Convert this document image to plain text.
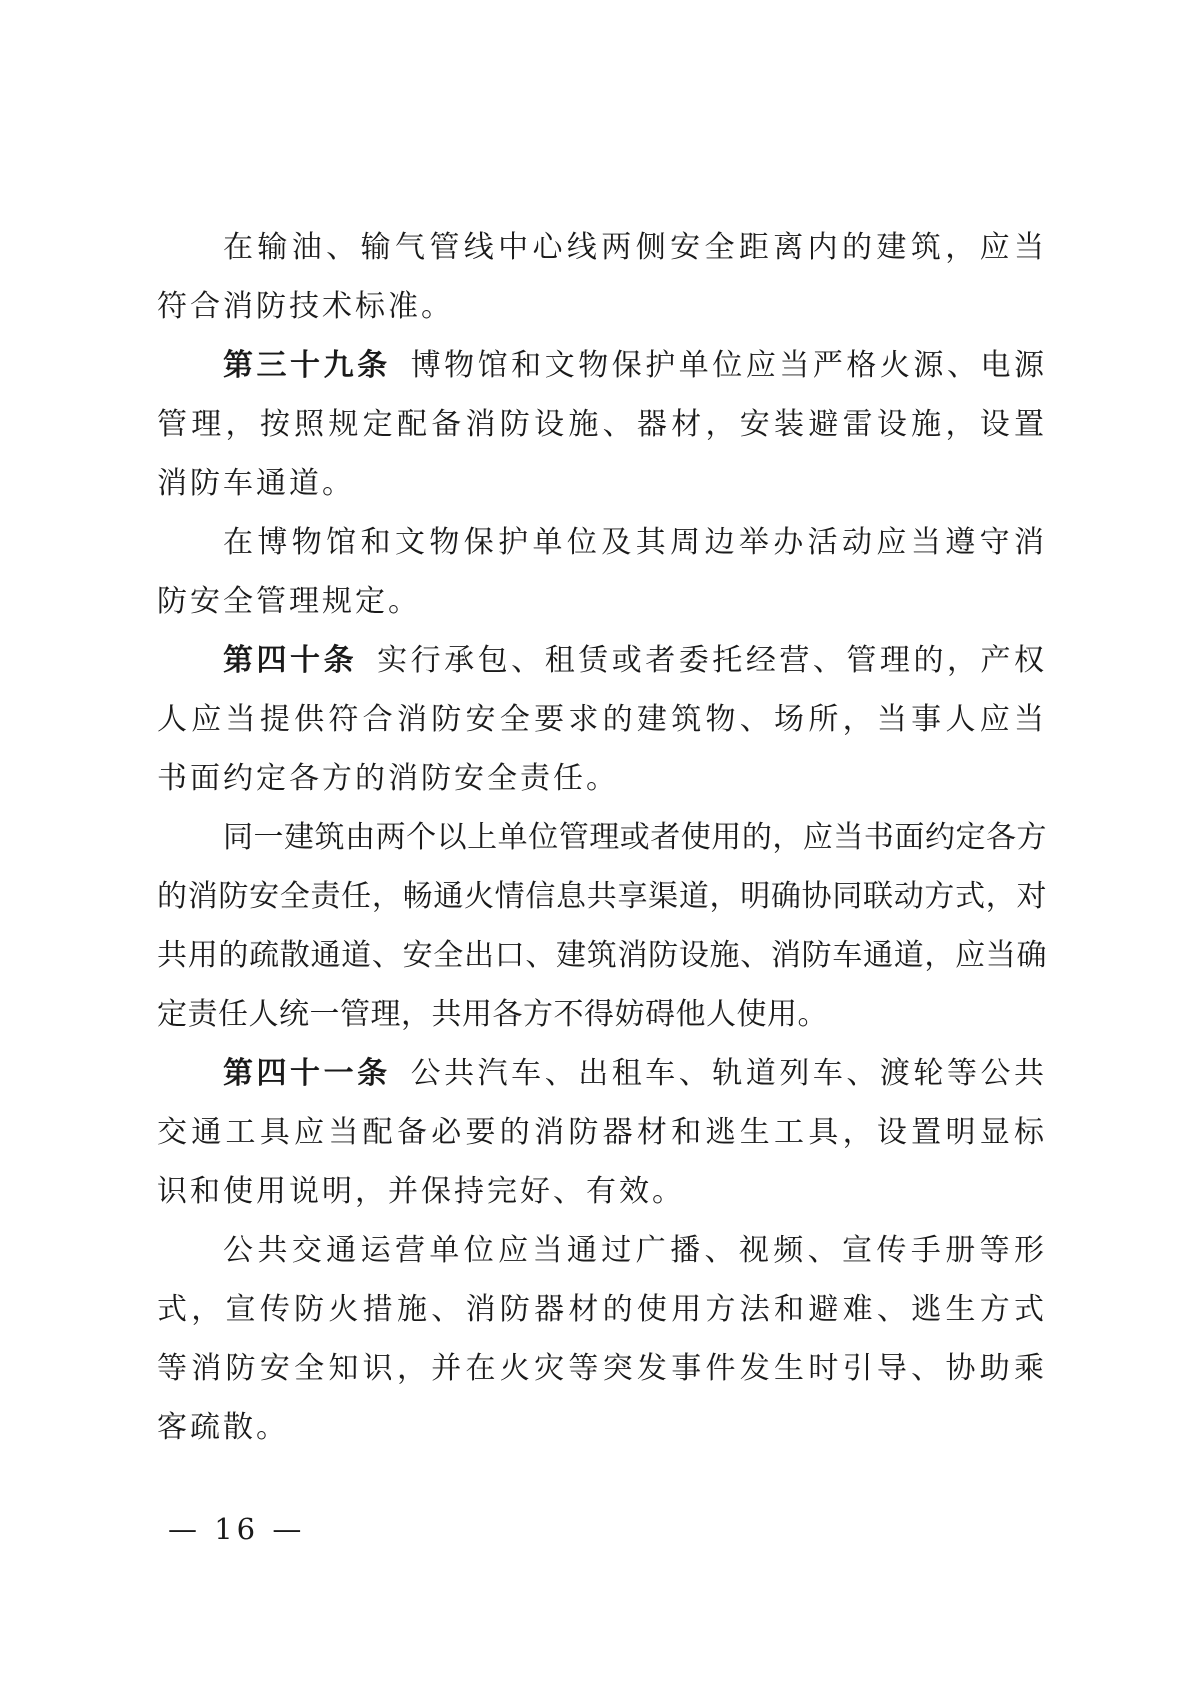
在输油、输气管线中心线两侧安全距离内的建筑，应当符合消防技术标准。

第三十九条 博物馆和文物保护单位应当严格火源、电源管理，按照规定配备消防设施、器材，安装避雷设施，设置消防车通道。

在博物馆和文物保护单位及其周边举办活动应当遵守消防安全管理规定。

第四十条 实行承包、租赁或者委托经营、管理的，产权人应当提供符合消防安全要求的建筑物、场所，当事人应当书面约定各方的消防安全责任。

同一建筑由两个以上单位管理或者使用的，应当书面约定各方的消防安全责任，畅通火情信息共享渠道，明确协同联动方式，对共用的疏散通道、安全出口、建筑消防设施、消防车通道，应当确定责任人统一管理，共用各方不得妨碍他人使用。

第四十一条 公共汽车、出租车、轨道列车、渡轮等公共交通工具应当配备必要的消防器材和逃生工具，设置明显标识和使用说明，并保持完好、有效。

公共交通运营单位应当通过广播、视频、宣传手册等形式，宣传防火措施、消防器材的使用方法和避难、逃生方式等消防安全知识，并在火灾等突发事件发生时引导、协助乘客疏散。

— 16 —
